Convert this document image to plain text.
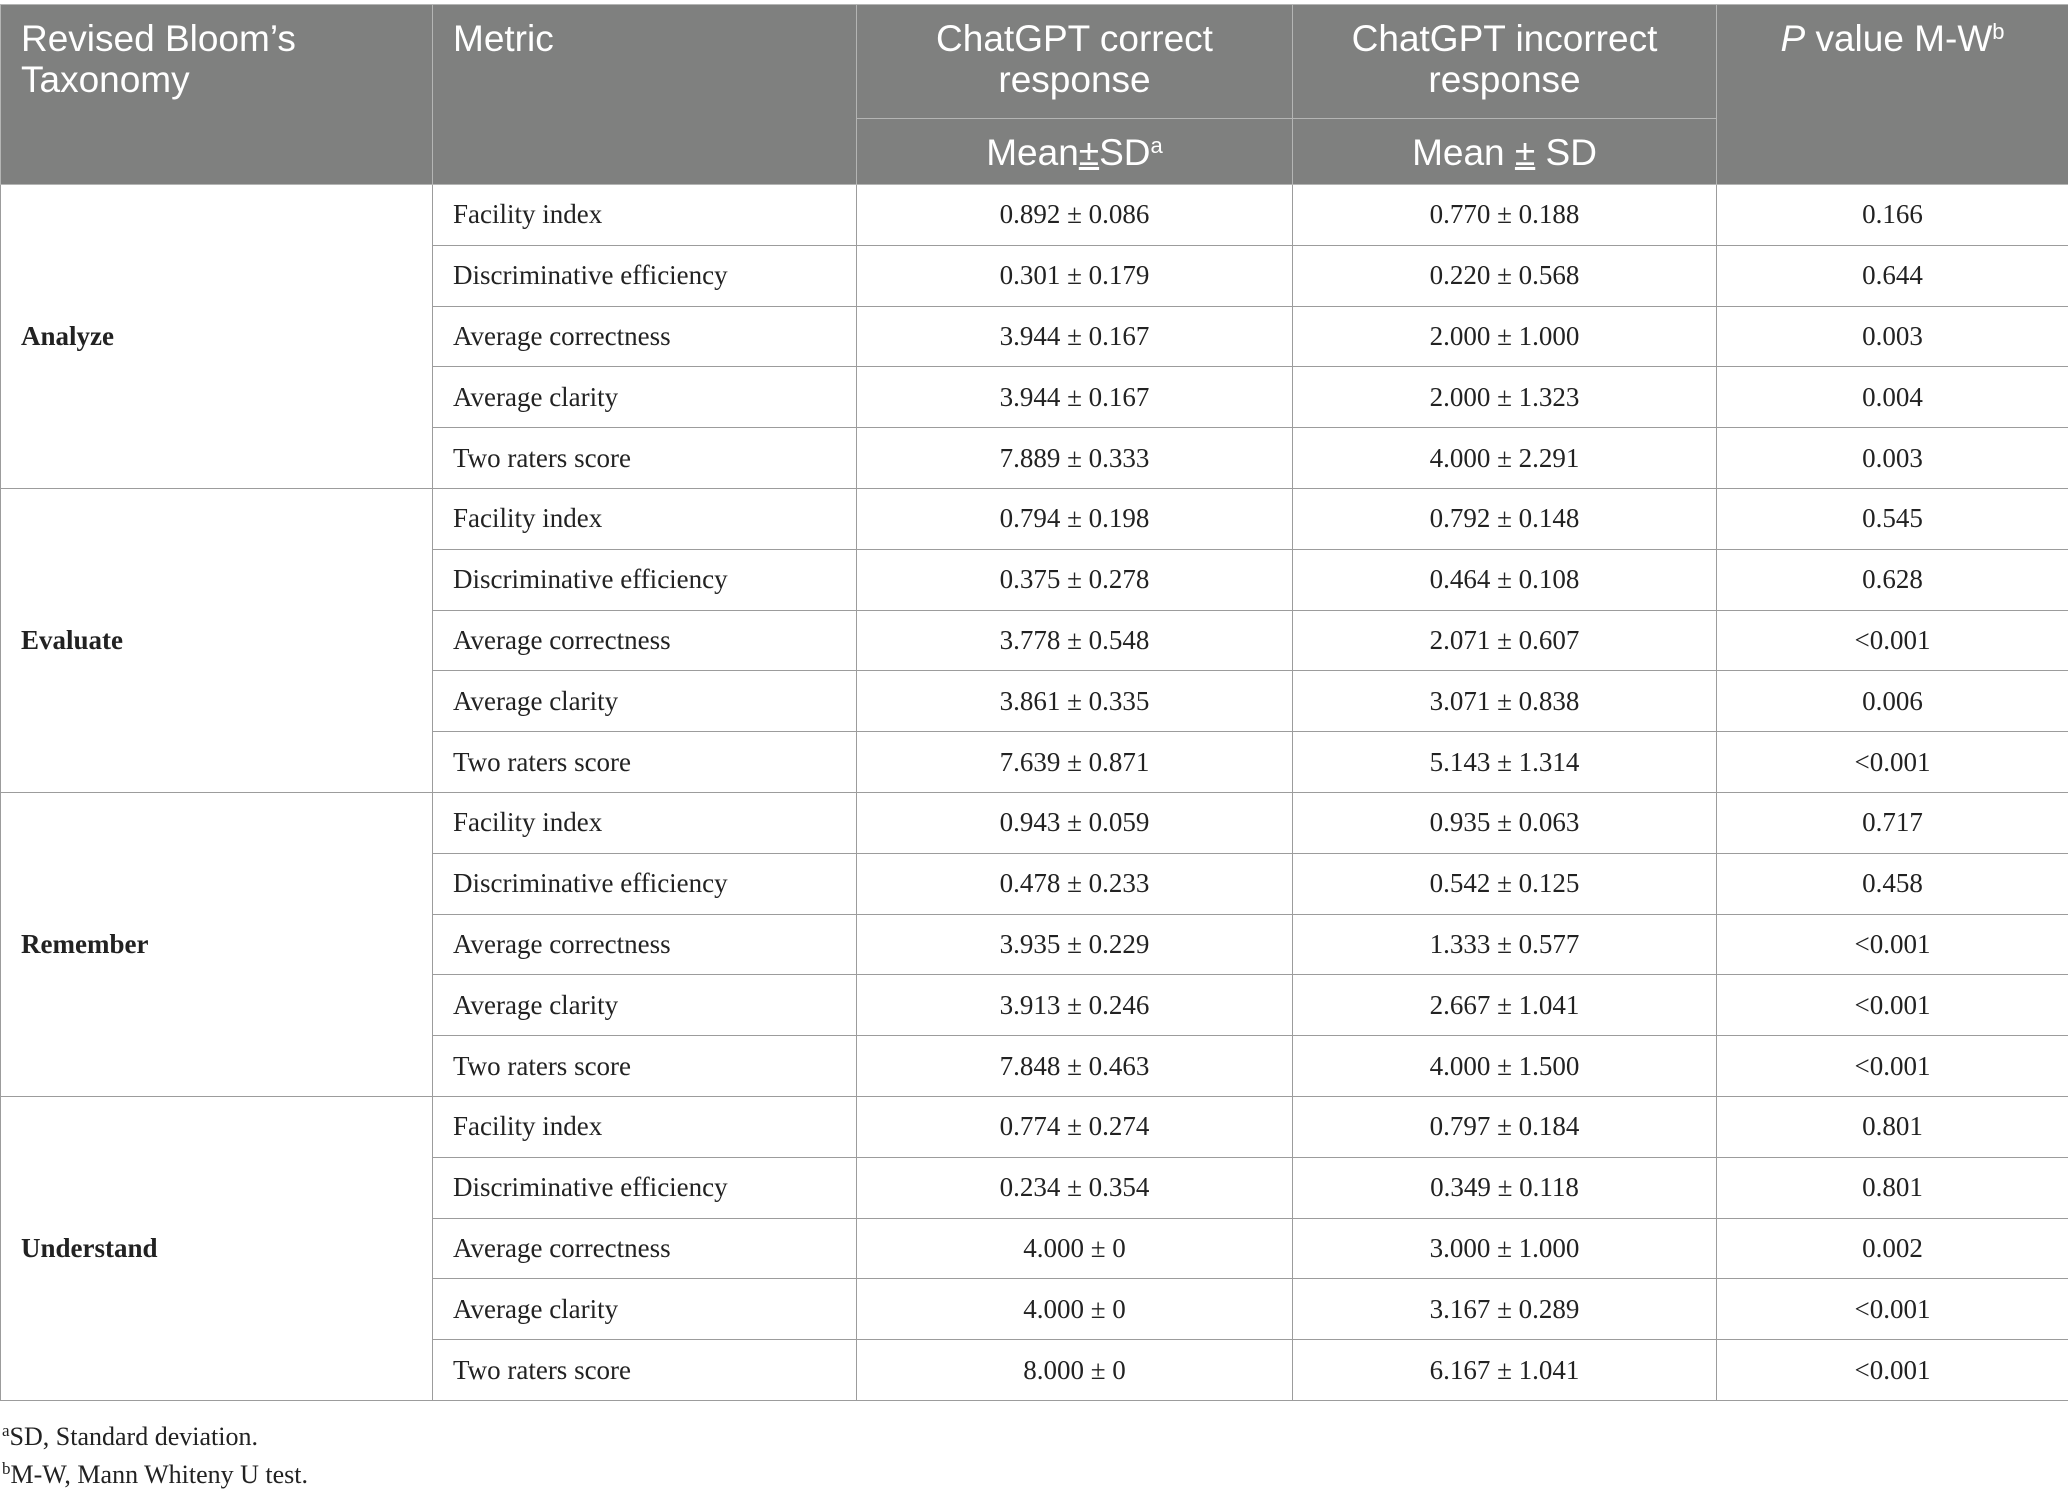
Revised Bloom’s Taxonomy	Metric	ChatGPT correct response	ChatGPT incorrect response	P value $M-W^b$
		$Mean\pm SD^a$	Mean ± SD	
Analyze	Facility index	0.892 ± 0.086	0.770 ± 0.188	0.166
	Discriminative efficiency	0.301 ± 0.179	0.220 ± 0.568	0.644
	Average correctness	3.944 ± 0.167	2.000 ± 1.000	0.003
	Average clarity	3.944 ± 0.167	2.000 ± 1.323	0.004
	Two raters score	7.889 ± 0.333	4.000 ± 2.291	0.003
Evaluate	Facility index	0.794 ± 0.198	0.792 ± 0.148	0.545
	Discriminative efficiency	0.375 ± 0.278	0.464 ± 0.108	0.628
	Average correctness	3.778 ± 0.548	2.071 ± 0.607	<0.001
	Average clarity	3.861 ± 0.335	3.071 ± 0.838	0.006
	Two raters score	7.639 ± 0.871	5.143 ± 1.314	<0.001
Remember	Facility index	0.943 ± 0.059	0.935 ± 0.063	0.717
	Discriminative efficiency	0.478 ± 0.233	0.542 ± 0.125	0.458
	Average correctness	3.935 ± 0.229	1.333 ± 0.577	<0.001
	Average clarity	3.913 ± 0.246	2.667 ± 1.041	<0.001
	Two raters score	7.848 ± 0.463	4.000 ± 1.500	<0.001
Understand	Facility index	0.774 ± 0.274	0.797 ± 0.184	0.801
	Discriminative efficiency	0.234 ± 0.354	0.349 ± 0.118	0.801
	Average correctness	4.000 ± 0	3.000 ± 1.000	0.002
	Average clarity	4.000 ± 0	3.167 ± 0.289	<0.001
	Two raters score	8.000 ± 0	6.167 ± 1.041	<0.001
$^a$SD, Standard deviation.
$^b$M-W, Mann Whiteny U test.
